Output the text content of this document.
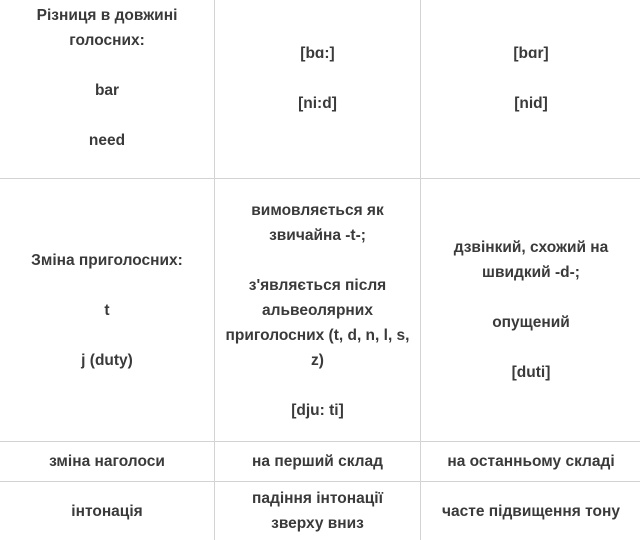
Різниця в довжині голосних:
bar
need
[bɑ:]
[ni:d]
[bɑr]
[nid]
Зміна приголосних:
t
j (duty)
вимовляється як звичайна -t-;
з'являється після альвеолярних приголосних (t, d, n, l, s, z)
[dju: ti]
дзвінкий, схожий на швидкий -d-;
опущений
[duti]
зміна наголоси	на перший склад	на останньому складі
інтонація
падіння інтонації зверху вниз
часте підвищення тону
